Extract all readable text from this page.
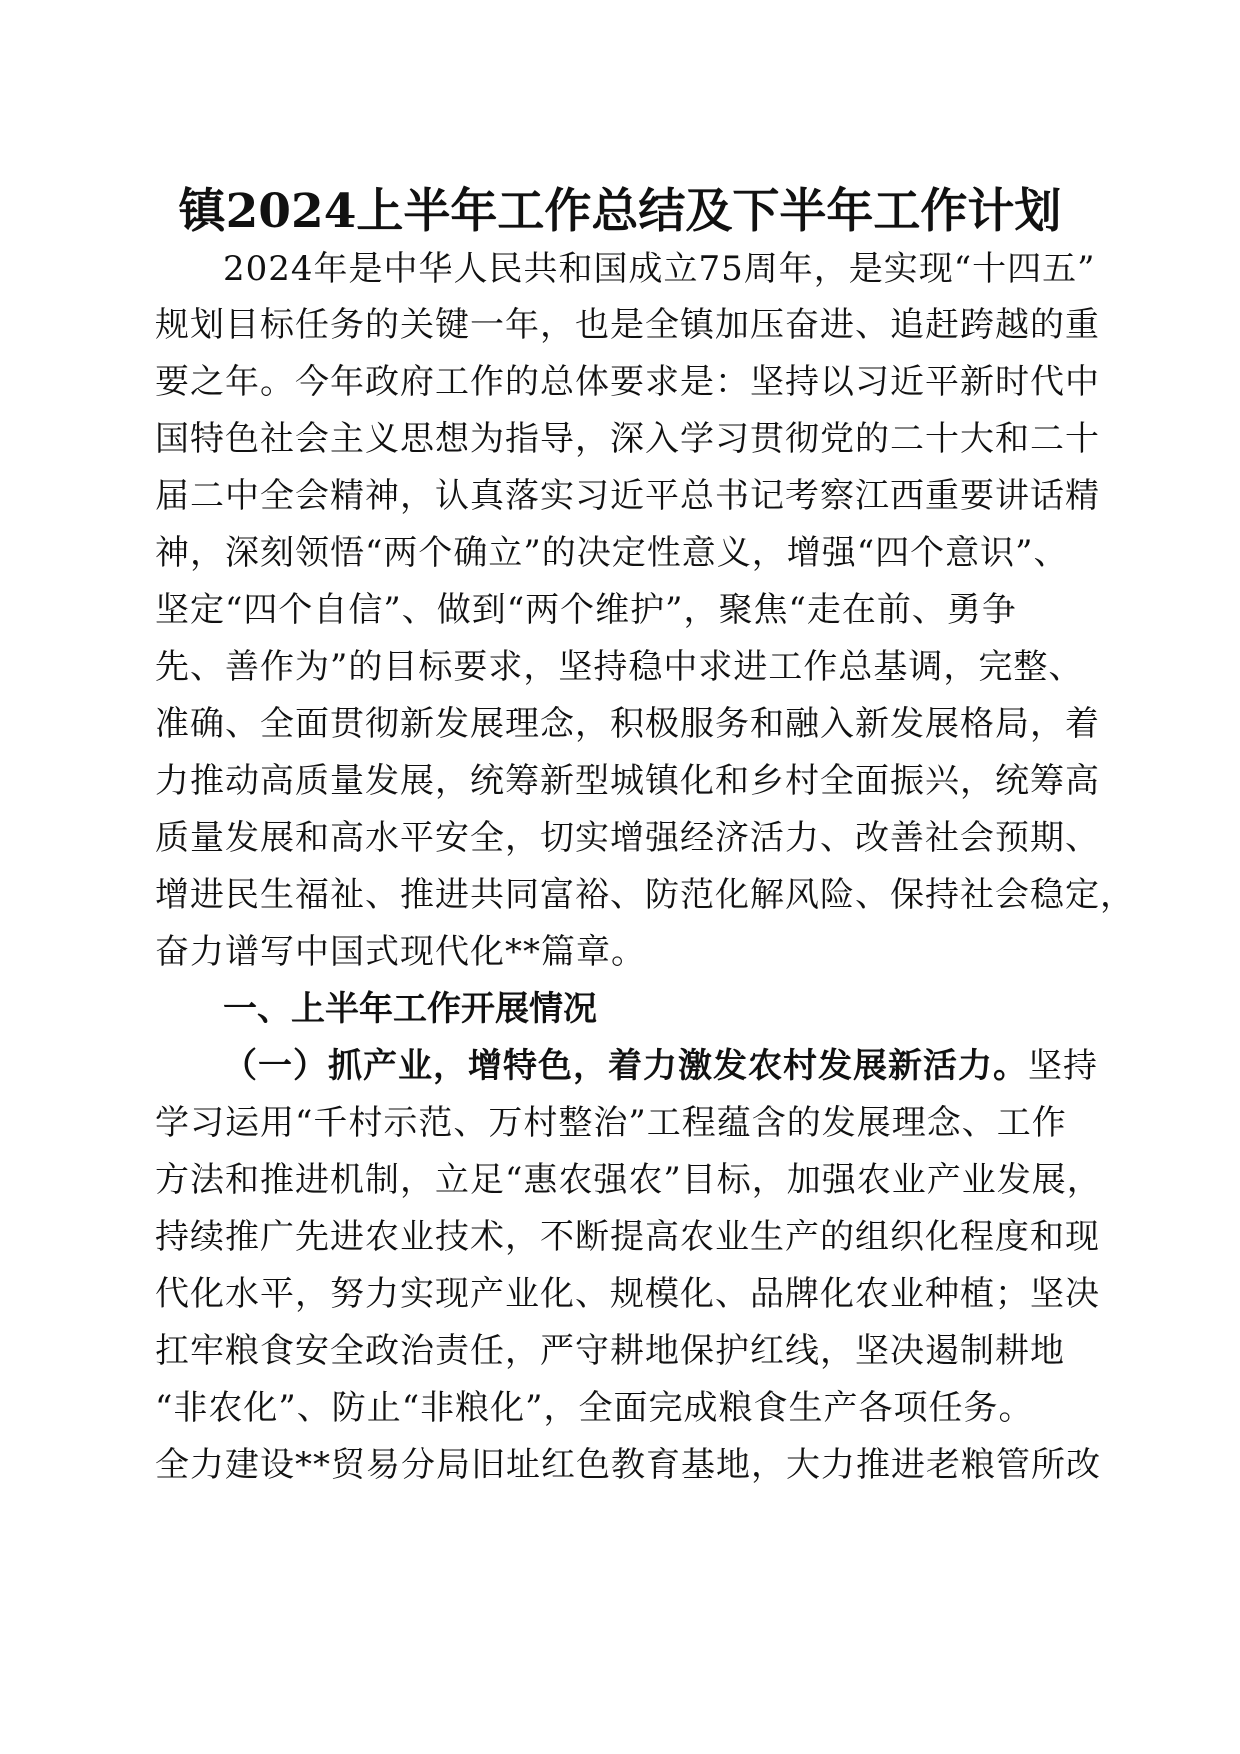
镇2024上半年工作总结及下半年工作计划

2024年是中华人民共和国成立75周年，是实现“十四五”

规划目标任务的关键一年，也是全镇加压奋进、追赶跨越的重

要之年。今年政府工作的总体要求是：坚持以习近平新时代中

国特色社会主义思想为指导，深入学习贯彻党的二十大和二十

届二中全会精神，认真落实习近平总书记考察江西重要讲话精

神，深刻领悟“两个确立”的决定性意义，增强“四个意识”、

坚定“四个自信”、做到“两个维护”，聚焦“走在前、勇争

先、善作为”的目标要求，坚持稳中求进工作总基调，完整、

准确、全面贯彻新发展理念，积极服务和融入新发展格局，着

力推动高质量发展，统筹新型城镇化和乡村全面振兴，统筹高

质量发展和高水平安全，切实增强经济活力、改善社会预期、

增进民生福祉、推进共同富裕、防范化解风险、保持社会稳定，

奋力谱写中国式现代化**篇章。

一、上半年工作开展情况

（一）抓产业，增特色，着力激发农村发展新活力。坚持

学习运用“千村示范、万村整治”工程蕴含的发展理念、工作

方法和推进机制，立足“惠农强农”目标，加强农业产业发展，

持续推广先进农业技术，不断提高农业生产的组织化程度和现

代化水平，努力实现产业化、规模化、品牌化农业种植；坚决

扛牢粮食安全政治责任，严守耕地保护红线，坚决遏制耕地

“非农化”、防止“非粮化”，全面完成粮食生产各项任务。

全力建设**贸易分局旧址红色教育基地，大力推进老粮管所改
